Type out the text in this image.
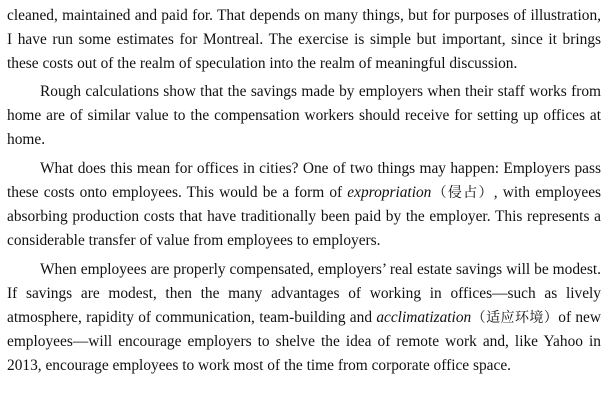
cleaned, maintained and paid for. That depends on many things, but for purposes of illustration, I have run some estimates for Montreal. The exercise is simple but important, since it brings these costs out of the realm of speculation into the realm of meaningful discussion.

Rough calculations show that the savings made by employers when their staff works from home are of similar value to the compensation workers should receive for setting up offices at home.

What does this mean for offices in cities? One of two things may happen: Employers pass these costs onto employees. This would be a form of expropriation（侵占）, with employees absorbing production costs that have traditionally been paid by the employer. This represents a considerable transfer of value from employees to employers.

When employees are properly compensated, employers’ real estate savings will be modest. If savings are modest, then the many advantages of working in offices—such as lively atmosphere, rapidity of communication, team-building and acclimatization（适应环境）of new employees—will encourage employers to shelve the idea of remote work and, like Yahoo in 2013, encourage employees to work most of the time from corporate office space.
